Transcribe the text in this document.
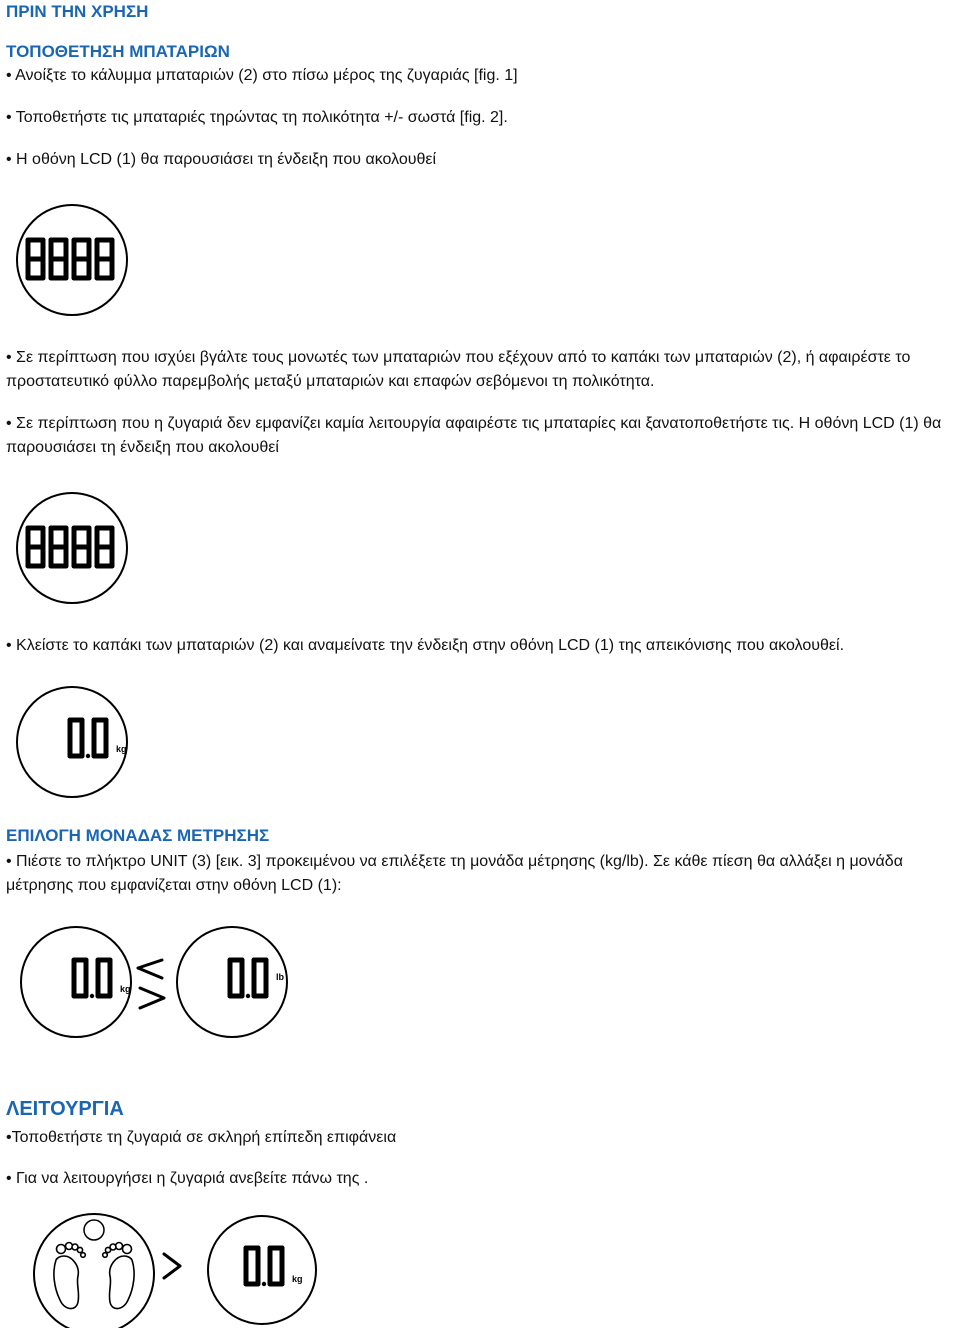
ΠΡΙΝ ΤΗΝ ΧΡΗΣΗ
ΤΟΠΟΘΕΤΗΣΗ ΜΠΑΤΑΡΙΩΝ
• Ανοίξτε το κάλυμμα μπαταριών (2) στο πίσω μέρος της ζυγαριάς [fig. 1]
• Τοποθετήστε τις μπαταριές τηρώντας τη πολικότητα +/- σωστά [fig. 2].
• Η οθόνη LCD (1) θα παρουσιάσει τη ένδειξη που ακολουθεί
• Σε περίπτωση που ισχύει βγάλτε τους μονωτές των μπαταριών που εξέχουν από το καπάκι των μπαταριών (2), ή αφαιρέστε το προστατευτικό φύλλο παρεμβολής μεταξύ μπαταριών και επαφών σεβόμενοι τη πολικότητα.
• Σε περίπτωση που η ζυγαριά δεν εμφανίζει καμία λειτουργία αφαιρέστε τις μπαταρίες και ξανατοποθετήστε τις. Η οθόνη LCD (1) θα παρουσιάσει τη ένδειξη που ακολουθεί
• Κλείστε το καπάκι των μπαταριών (2) και αναμείνατε την ένδειξη στην οθόνη LCD (1) της απεικόνισης που ακολουθεί.
kg
ΕΠΙΛΟΓΗ ΜΟΝΑΔΑΣ ΜΕΤΡΗΣΗΣ
• Πιέστε το πλήκτρο UNIT (3) [εικ. 3] προκειμένου να επιλέξετε τη μονάδα μέτρησης (kg/lb). Σε κάθε πίεση θα αλλάξει η μονάδα μέτρησης που εμφανίζεται στην οθόνη LCD (1):
kg
lb
ΛΕΙΤΟΥΡΓΙΑ
•Τοποθετήστε τη ζυγαριά σε σκληρή επίπεδη επιφάνεια
• Για να λειτουργήσει η ζυγαριά ανεβείτε πάνω της .
kg
